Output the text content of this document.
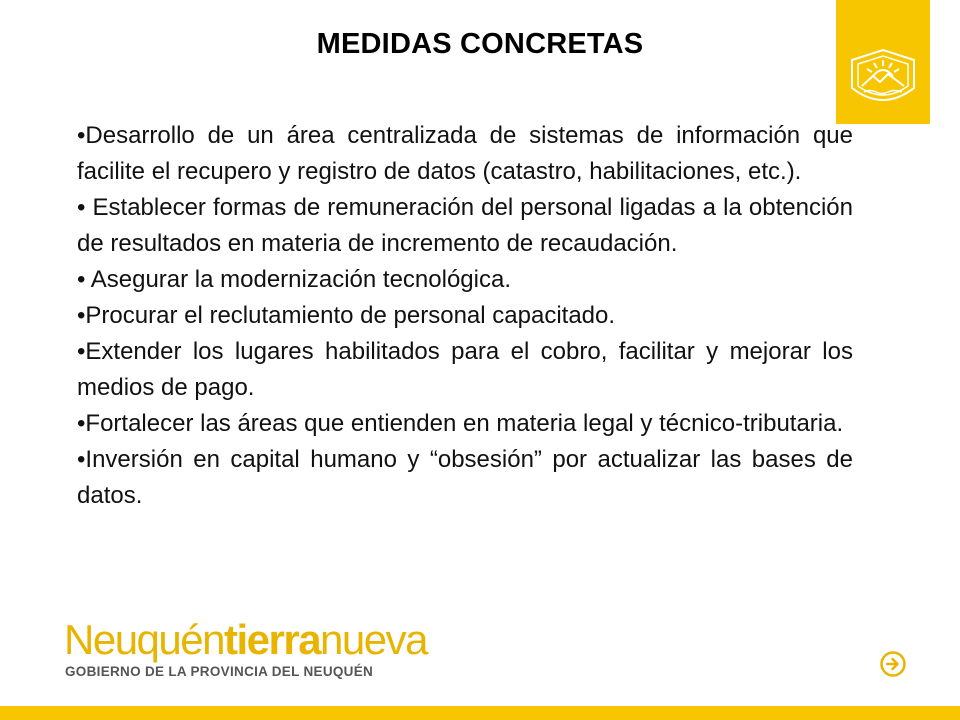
MEDIDAS CONCRETAS
•Desarrollo de un área centralizada de sistemas de información que facilite el recupero y registro de datos (catastro, habilitaciones, etc.).
• Establecer formas de remuneración del personal ligadas a la obtención de resultados en materia de incremento de recaudación.
• Asegurar la modernización tecnológica.
•Procurar el reclutamiento de personal capacitado.
•Extender los lugares habilitados para el cobro, facilitar y mejorar los medios de pago.
•Fortalecer las áreas que entienden en materia legal y técnico-tributaria.
•Inversión en capital humano y “obsesión” por actualizar las bases de datos.
Neuquéntierranueva
GOBIERNO DE LA PROVINCIA DEL NEUQUÉN
